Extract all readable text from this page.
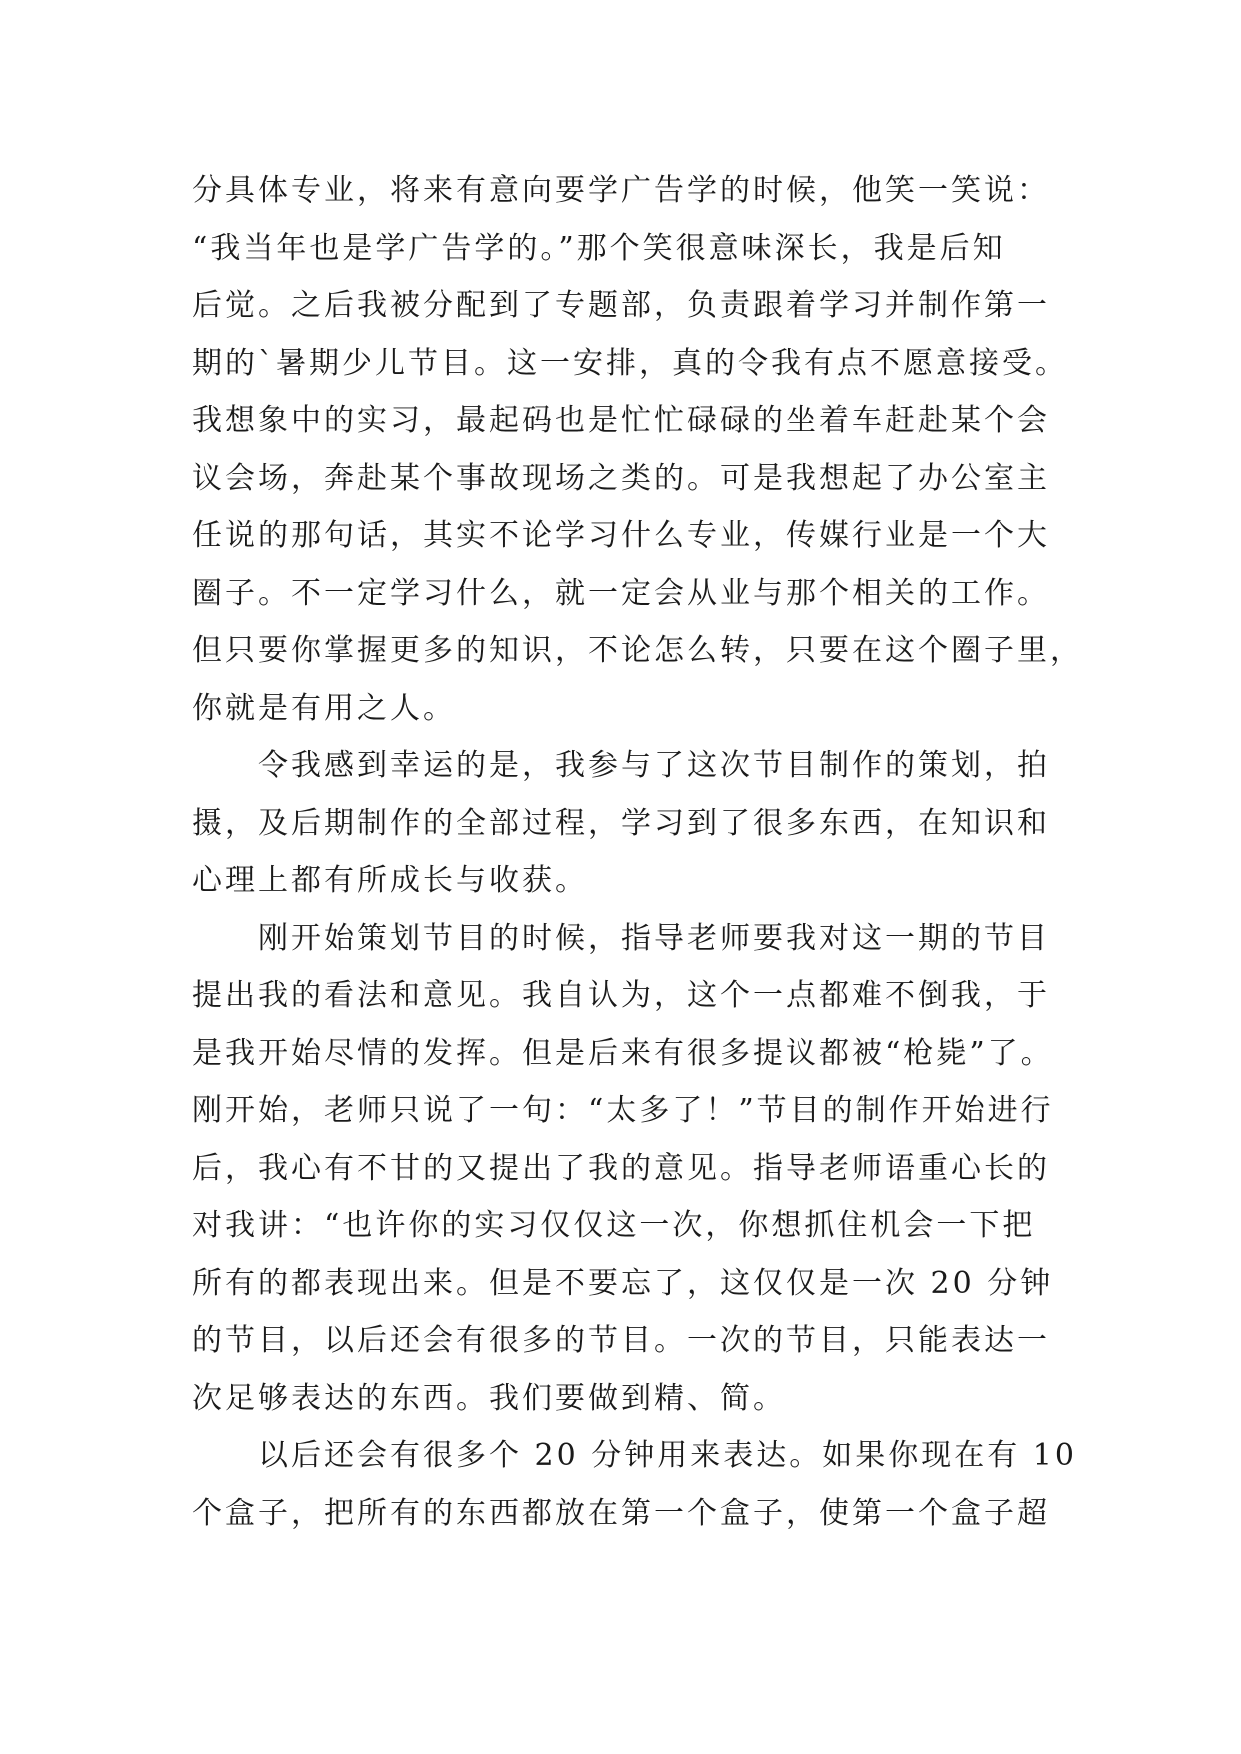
分具体专业，将来有意向要学广告学的时候，他笑一笑说：
“我当年也是学广告学的。”那个笑很意味深长，我是后知
后觉。之后我被分配到了专题部，负责跟着学习并制作第一
期的`暑期少儿节目。这一安排，真的令我有点不愿意接受。
我想象中的实习，最起码也是忙忙碌碌的坐着车赶赴某个会
议会场，奔赴某个事故现场之类的。可是我想起了办公室主
任说的那句话，其实不论学习什么专业，传媒行业是一个大
圈子。不一定学习什么，就一定会从业与那个相关的工作。
但只要你掌握更多的知识，不论怎么转，只要在这个圈子里，
你就是有用之人。
令我感到幸运的是，我参与了这次节目制作的策划，拍
摄，及后期制作的全部过程，学习到了很多东西，在知识和
心理上都有所成长与收获。
刚开始策划节目的时候，指导老师要我对这一期的节目
提出我的看法和意见。我自认为，这个一点都难不倒我，于
是我开始尽情的发挥。但是后来有很多提议都被“枪毙”了。
刚开始，老师只说了一句：“太多了！”节目的制作开始进行
后，我心有不甘的又提出了我的意见。指导老师语重心长的
对我讲：“也许你的实习仅仅这一次，你想抓住机会一下把
所有的都表现出来。但是不要忘了，这仅仅是一次 20 分钟
的节目，以后还会有很多的节目。一次的节目，只能表达一
次足够表达的东西。我们要做到精、简。
以后还会有很多个 20 分钟用来表达。如果你现在有 10
个盒子，把所有的东西都放在第一个盒子，使第一个盒子超
